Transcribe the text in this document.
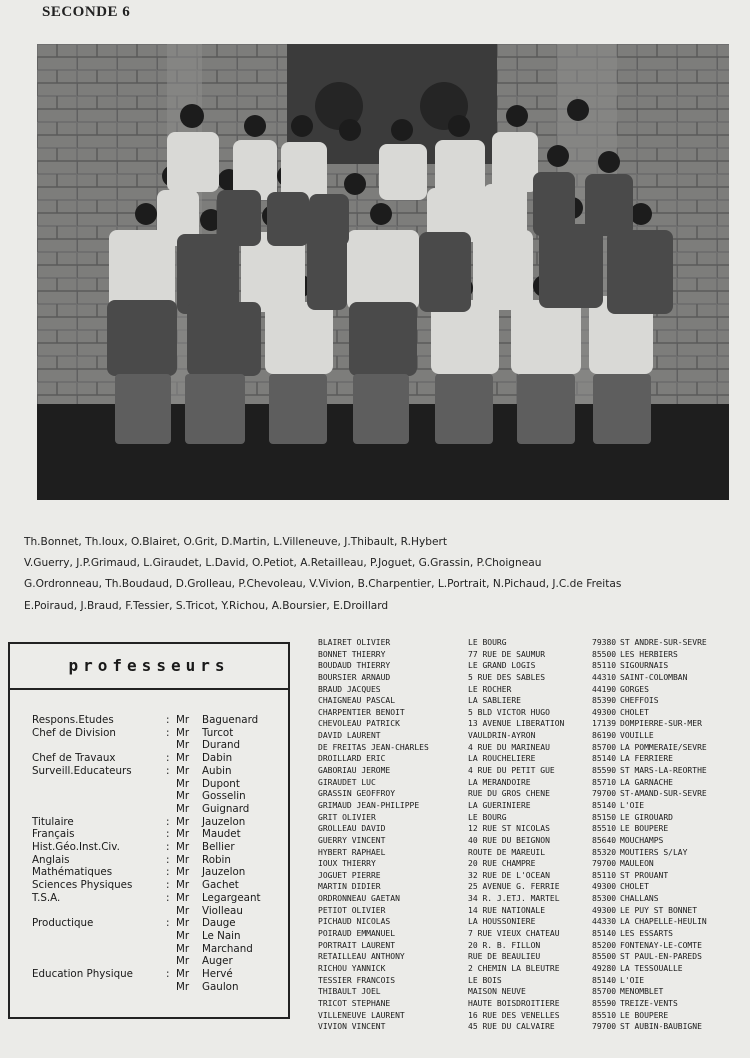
SECONDE 6
Th.Bonnet, Th.Ioux, O.Blairet, O.Grit, D.Martin, L.Villeneuve, J.Thibault, R.Hybert
V.Guerry, J.P.Grimaud, L.Giraudet, L.David, O.Petiot, A.Retailleau, P.Joguet, G.Grassin, P.Choigneau
G.Ordronneau, Th.Boudaud, D.Grolleau, P.Chevoleau, V.Vivion, B.Charpentier, L.Portrait, N.Pichaud, J.C.de Freitas
E.Poiraud, J.Braud, F.Tessier, S.Tricot, Y.Richou, A.Boursier, E.Droillard
professeurs
Respons.Etudes	: Mr Baguenard
Chef de Division	: Mr Turcot
Mr Durand
Chef de Travaux	: Mr Dabin
Surveill.Educateurs	: Mr Aubin
Mr Dupont
Mr Gosselin
Mr Guignard
Titulaire	: Mr Jauzelon
Français	: Mr Maudet
Hist.Géo.Inst.Civ.	: Mr Bellier
Anglais	: Mr Robin
Mathématiques	: Mr Jauzelon
Sciences Physiques	: Mr Gachet
T.S.A.	: Mr Legargeant
Mr Violleau
Productique	: Mr Dauge
Mr Le Nain
Mr Marchand
Mr Auger
Education Physique	: Mr Hervé
Mr Gaulon
BLAIRET OLIVIER	LE BOURG	79380 ST ANDRE-SUR-SEVRE
BONNET THIERRY	77 RUE DE SAUMUR	85500 LES HERBIERS
BOUDAUD THIERRY	LE GRAND LOGIS	85110 SIGOURNAIS
BOURSIER ARNAUD	5 RUE DES SABLES	44310 SAINT-COLOMBAN
BRAUD JACQUES	LE ROCHER	44190 GORGES
CHAIGNEAU PASCAL	LA SABLIERE	85390 CHEFFOIS
CHARPENTIER BENOIT	5 BLD VICTOR HUGO	49300 CHOLET
CHEVOLEAU PATRICK	13 AVENUE LIBERATION	17139 DOMPIERRE-SUR-MER
DAVID LAURENT	VAULDRIN-AYRON	86190 VOUILLE
DE FREITAS JEAN-CHARLES	4 RUE DU MARINEAU	85700 LA POMMERAIE/SEVRE
DROILLARD ERIC	LA ROUCHELIERE	85140 LA FERRIERE
GABORIAU JEROME	4 RUE DU PETIT GUE	85590 ST MARS-LA-REORTHE
GIRAUDET LUC	LA MERANDOIRE	85710 LA GARNACHE
GRASSIN GEOFFROY	RUE DU GROS CHENE	79700 ST-AMAND-SUR-SEVRE
GRIMAUD JEAN-PHILIPPE	LA GUERINIERE	85140 L'OIE
GRIT OLIVIER	LE BOURG	85150 LE GIROUARD
GROLLEAU DAVID	12 RUE ST NICOLAS	85510 LE BOUPERE
GUERRY VINCENT	40 RUE DU BEIGNON	85640 MOUCHAMPS
HYBERT RAPHAEL	ROUTE DE MAREUIL	85320 MOUTIERS S/LAY
IOUX THIERRY	20 RUE CHAMPRE	79700 MAULEON
JOGUET PIERRE	32 RUE DE L'OCEAN	85110 ST PROUANT
MARTIN DIDIER	25 AVENUE G. FERRIE	49300 CHOLET
ORDRONNEAU GAETAN	34 R. J.ETJ. MARTEL	85300 CHALLANS
PETIOT OLIVIER	14 RUE NATIONALE	49300 LE PUY ST BONNET
PICHAUD NICOLAS	LA HOUSSONIERE	44330 LA CHAPELLE-HEULIN
POIRAUD EMMANUEL	7 RUE VIEUX CHATEAU	85140 LES ESSARTS
PORTRAIT LAURENT	20 R. B. FILLON	85200 FONTENAY-LE-COMTE
RETAILLEAU ANTHONY	RUE DE BEAULIEU	85500 ST PAUL-EN-PAREDS
RICHOU YANNICK	2 CHEMIN LA BLEUTRE	49280 LA TESSOUALLE
TESSIER FRANCOIS	LE BOIS	85140 L'OIE
THIBAULT JOEL	MAISON NEUVE	85700 MENOMBLET
TRICOT STEPHANE	HAUTE BOISDROITIERE	85590 TREIZE-VENTS
VILLENEUVE LAURENT	16 RUE DES VENELLES	85510 LE BOUPERE
VIVION VINCENT	45 RUE DU CALVAIRE	79700 ST AUBIN-BAUBIGNE
